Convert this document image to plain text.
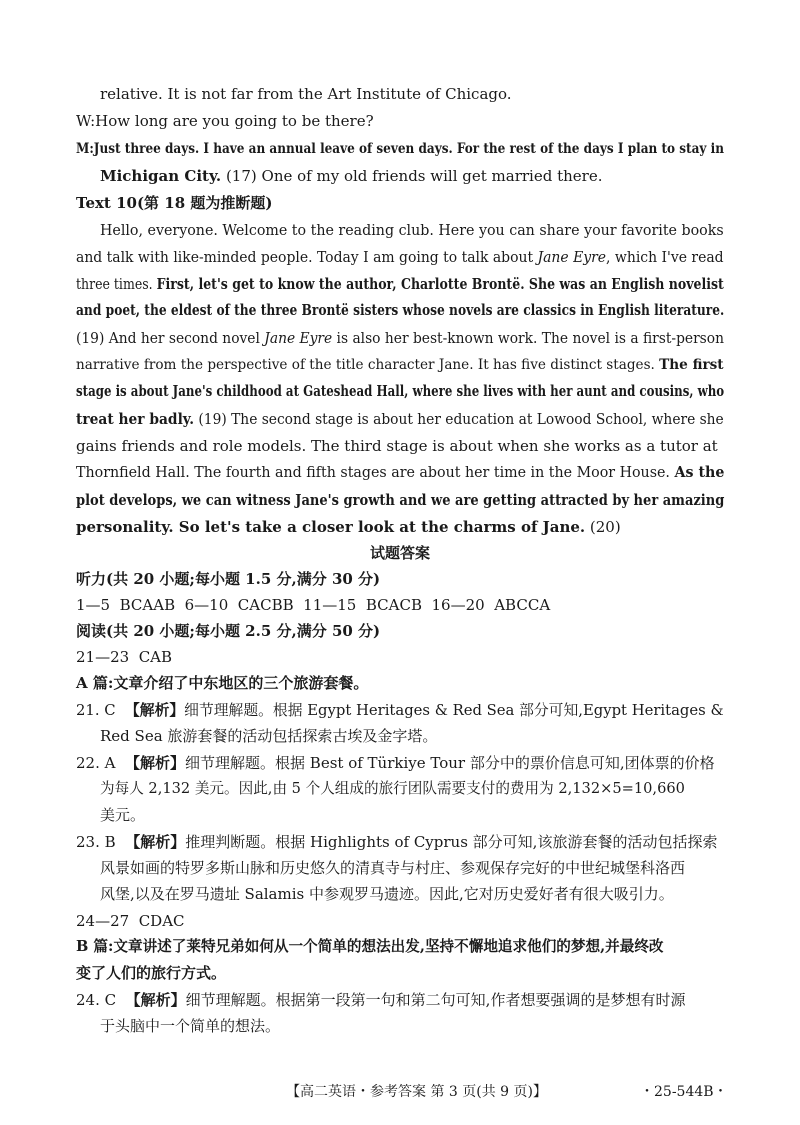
relative. It is not far from the Art Institute of Chicago.
W:How long are you going to be there?
M:Just three days. I have an annual leave of seven days. For the rest of the days I plan to stay in
Michigan City. (17) One of my old friends will get married there.
Text 10(第 18 题为推断题)
Hello, everyone. Welcome to the reading club. Here you can share your favorite books
and talk with like-minded people. Today I am going to talk about Jane Eyre, which I've read
three times. First, let's get to know the author, Charlotte Brontë. She was an English novelist
and poet, the eldest of the three Brontë sisters whose novels are classics in English literature.
(19) And her second novel Jane Eyre is also her best-known work. The novel is a first-person
narrative from the perspective of the title character Jane. It has five distinct stages. The first
stage is about Jane's childhood at Gateshead Hall, where she lives with her aunt and cousins, who
treat her badly. (19) The second stage is about her education at Lowood School, where she
gains friends and role models. The third stage is about when she works as a tutor at
Thornfield Hall. The fourth and fifth stages are about her time in the Moor House. As the
plot develops, we can witness Jane's growth and we are getting attracted by her amazing
personality. So let's take a closer look at the charms of Jane. (20)
试题答案
听力(共 20 小题;每小题 1.5 分,满分 30 分)
1—5  BCAAB  6—10  CACBB  11—15  BCACB  16—20  ABCCA
阅读(共 20 小题;每小题 2.5 分,满分 50 分)
21—23  CAB
A 篇:文章介绍了中东地区的三个旅游套餐。
21. C 【解析】细节理解题。根据 Egypt Heritages & Red Sea 部分可知,Egypt Heritages &
Red Sea 旅游套餐的活动包括探索古埃及金字塔。
22. A 【解析】细节理解题。根据 Best of Türkiye Tour 部分中的票价信息可知,团体票的价格
为每人 2,132 美元。因此,由 5 个人组成的旅行团队需要支付的费用为 2,132×5=10,660
美元。
23. B 【解析】推理判断题。根据 Highlights of Cyprus 部分可知,该旅游套餐的活动包括探索
风景如画的特罗多斯山脉和历史悠久的清真寺与村庄、参观保存完好的中世纪城堡科洛西
风堡,以及在罗马遗址 Salamis 中参观罗马遗迹。因此,它对历史爱好者有很大吸引力。
24—27  CDAC
B 篇:文章讲述了莱特兄弟如何从一个简单的想法出发,坚持不懈地追求他们的梦想,并最终改
变了人们的旅行方式。
24. C 【解析】细节理解题。根据第一段第一句和第二句可知,作者想要强调的是梦想有时源
于头脑中一个简单的想法。
【高二英语・参考答案 第 3 页(共 9 页)】	・25-544B・
